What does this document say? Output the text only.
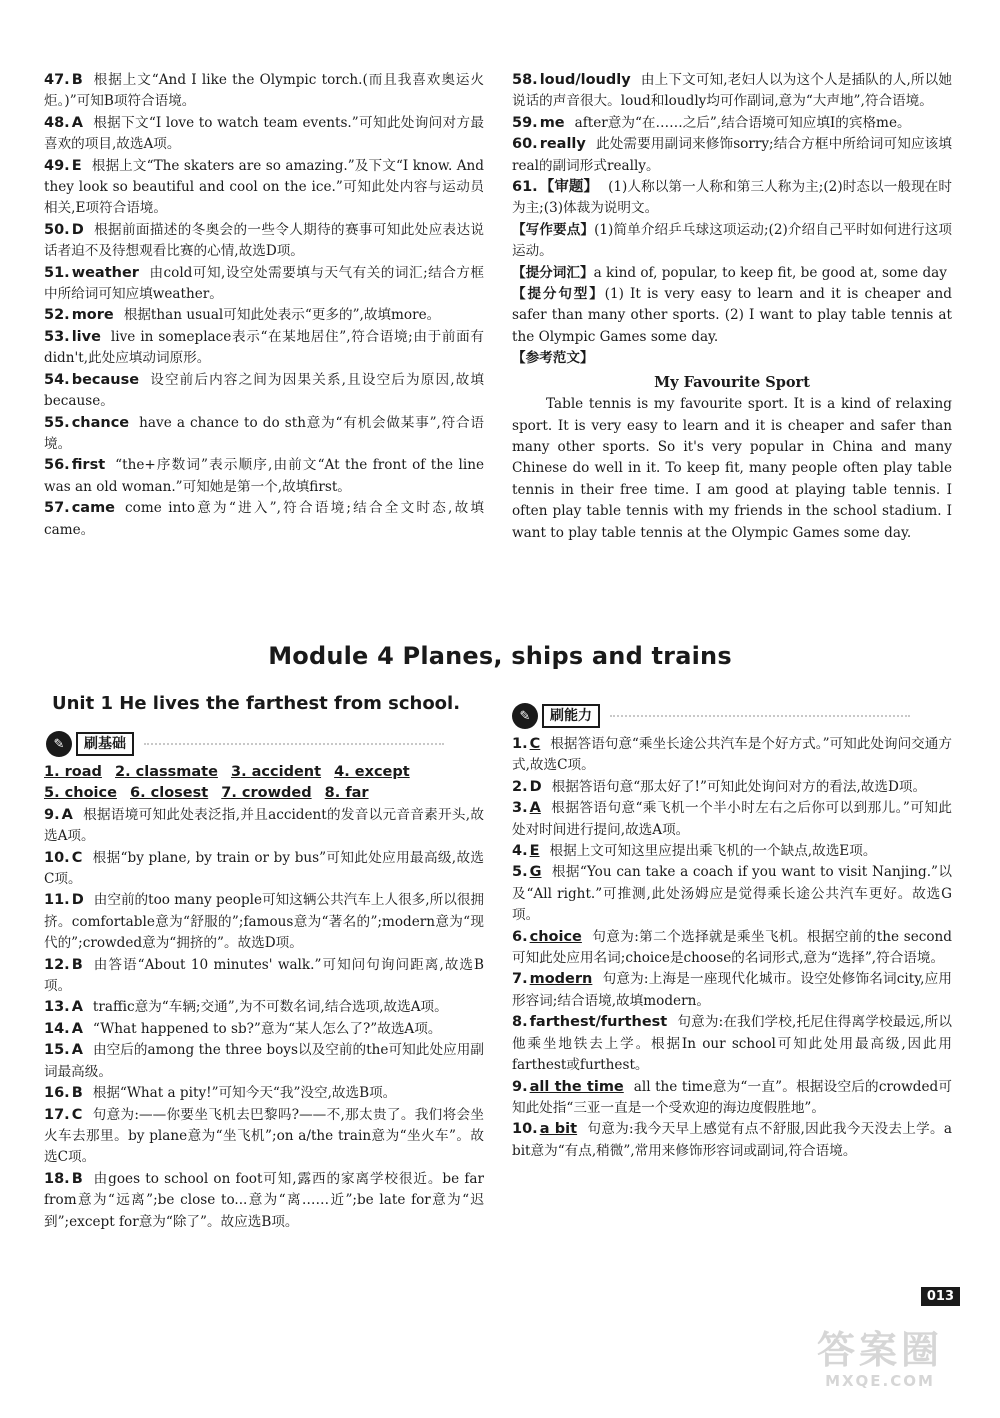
47. B 根据上文“And I like the Olympic torch.(而且我喜欢奥运火炬。)”可知B项符合语境。
48. A 根据下文“I love to watch team events.”可知此处询问对方最喜欢的项目,故选A项。
49. E 根据上文“The skaters are so amazing.”及下文“I know. And they look so beautiful and cool on the ice.”可知此处内容与运动员相关,E项符合语境。
50. D 根据前面描述的冬奥会的一些令人期待的赛事可知此处应表达说话者迫不及待想观看比赛的心情,故选D项。
51. weather 由cold可知,设空处需要填与天气有关的词汇;结合方框中所给词可知应填weather。
52. more 根据than usual可知此处表示“更多的”,故填more。
53. live live in someplace表示“在某地居住”,符合语境;由于前面有didn't,此处应填动词原形。
54. because 设空前后内容之间为因果关系,且设空后为原因,故填because。
55. chance have a chance to do sth意为“有机会做某事”,符合语境。
56. first “the+序数词”表示顺序,由前文“At the front of the line was an old woman.”可知她是第一个,故填first。
57. came come into意为“进入”,符合语境;结合全文时态,故填came。
58. loud/loudly 由上下文可知,老妇人以为这个人是插队的人,所以她说话的声音很大。loud和loudly均可作副词,意为“大声地”,符合语境。
59. me after意为“在……之后”,结合语境可知应填I的宾格me。
60. really 此处需要用副词来修饰sorry;结合方框中所给词可知应该填real的副词形式really。
61. 【审题】 (1)人称以第一人称和第三人称为主;(2)时态以一般现在时为主;(3)体裁为说明文。
【写作要点】(1)简单介绍乒乓球这项运动;(2)介绍自己平时如何进行这项运动。
【提分词汇】a kind of, popular, to keep fit, be good at, some day
【提分句型】(1) It is very easy to learn and it is cheaper and safer than many other sports. (2) I want to play table tennis at the Olympic Games some day.
【参考范文】
My Favourite Sport
Table tennis is my favourite sport. It is a kind of relaxing sport. It is very easy to learn and it is cheaper and safer than many other sports. So it's very popular in China and many Chinese do well in it. To keep fit, many people often play table tennis in their free time. I am good at playing table tennis. I often play table tennis with my friends in the school stadium. I want to play table tennis at the Olympic Games some day.
Module 4 Planes, ships and trains
Unit 1 He lives the farthest from school.
✎	刷基础
✎	刷能力
1. road 2. classmate 3. accident 4. except
5. choice 6. closest 7. crowded 8. far
9. A 根据语境可知此处表泛指,并且accident的发音以元音音素开头,故选A项。
10. C 根据“by plane, by train or by bus”可知此处应用最高级,故选C项。
11. D 由空前的too many people可知这辆公共汽车上人很多,所以很拥挤。comfortable意为“舒服的”;famous意为“著名的”;modern意为“现代的”;crowded意为“拥挤的”。故选D项。
12. B 由答语“About 10 minutes' walk.”可知问句询问距离,故选B项。
13. A traffic意为“车辆;交通”,为不可数名词,结合选项,故选A项。
14. A “What happened to sb?”意为“某人怎么了?”故选A项。
15. A 由空后的among the three boys以及空前的the可知此处应用副词最高级。
16. B 根据“What a pity!”可知今天“我”没空,故选B项。
17. C 句意为:——你要坐飞机去巴黎吗?——不,那太贵了。我们将会坐火车去那里。by plane意为“坐飞机”;on a/the train意为“坐火车”。故选C项。
18. B 由goes to school on foot可知,露西的家离学校很近。be far from意为“远离”;be close to...意为“离……近”;be late for意为“迟到”;except for意为“除了”。故应选B项。
1. C 根据答语句意“乘坐长途公共汽车是个好方式。”可知此处询问交通方式,故选C项。
2. D 根据答语句意“那太好了!”可知此处询问对方的看法,故选D项。
3. A 根据答语句意“乘飞机一个半小时左右之后你可以到那儿。”可知此处对时间进行提问,故选A项。
4. E 根据上文可知这里应提出乘飞机的一个缺点,故选E项。
5. G 根据“You can take a coach if you want to visit Nanjing.”以及“All right.”可推测,此处汤姆应是觉得乘长途公共汽车更好。故选G项。
6. choice 句意为:第二个选择就是乘坐飞机。根据空前的the second可知此处应用名词;choice是choose的名词形式,意为“选择”,符合语境。
7. modern 句意为:上海是一座现代化城市。设空处修饰名词city,应用形容词;结合语境,故填modern。
8. farthest/furthest 句意为:在我们学校,托尼住得离学校最远,所以他乘坐地铁去上学。根据In our school可知此处用最高级,因此用farthest或furthest。
9. all the time all the time意为“一直”。根据设空后的crowded可知此处指“三亚一直是一个受欢迎的海边度假胜地”。
10. a bit 句意为:我今天早上感觉有点不舒服,因此我今天没去上学。a bit意为“有点,稍微”,常用来修饰形容词或副词,符合语境。
013
答案圈
MXQE.COM
